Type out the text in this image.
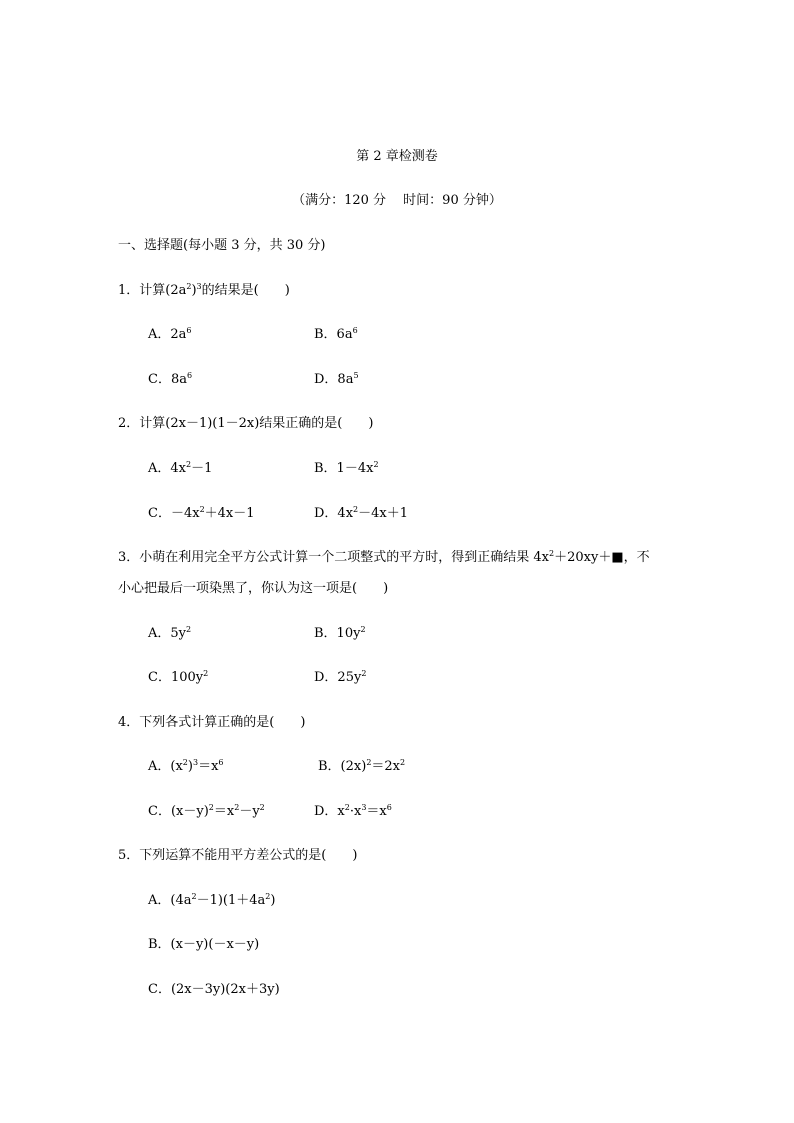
第 2 章检测卷
（满分：120 分　 时间：90 分钟）
一、选择题(每小题 3 分，共 30 分)
1．计算$(2a^2)^3$的结果是(　　)
A．$2a^6$	B．$6a^6$
C．$8a^6$	D．$8a^5$
2．计算(2x－1)(1－2x)结果正确的是(　　)
A．$4x^2-1$	B．$1-4x^2$
C．$-4x^2+4x-1$	D．$4x^2-4x+1$
3．小萌在利用完全平方公式计算一个二项整式的平方时，得到正确结果 $4x^2+20xy+■$，不
小心把最后一项染黑了，你认为这一项是(　　)
A．$5y^2$	B．$10y^2$
C．$100y^2$	D．$25y^2$
4．下列各式计算正确的是(　　)
A．$(x^2)^3=x^6$	B．$(2x)^2=2x^2$
C．$(x-y)^2=x^2-y^2$	D．$x^2\cdot x^3=x^6$
5．下列运算不能用平方差公式的是(　　)
A．$(4a^2-1)(1+4a^2)$
B．(x－y)(－x－y)
C．(2x－3y)(2x＋3y)
